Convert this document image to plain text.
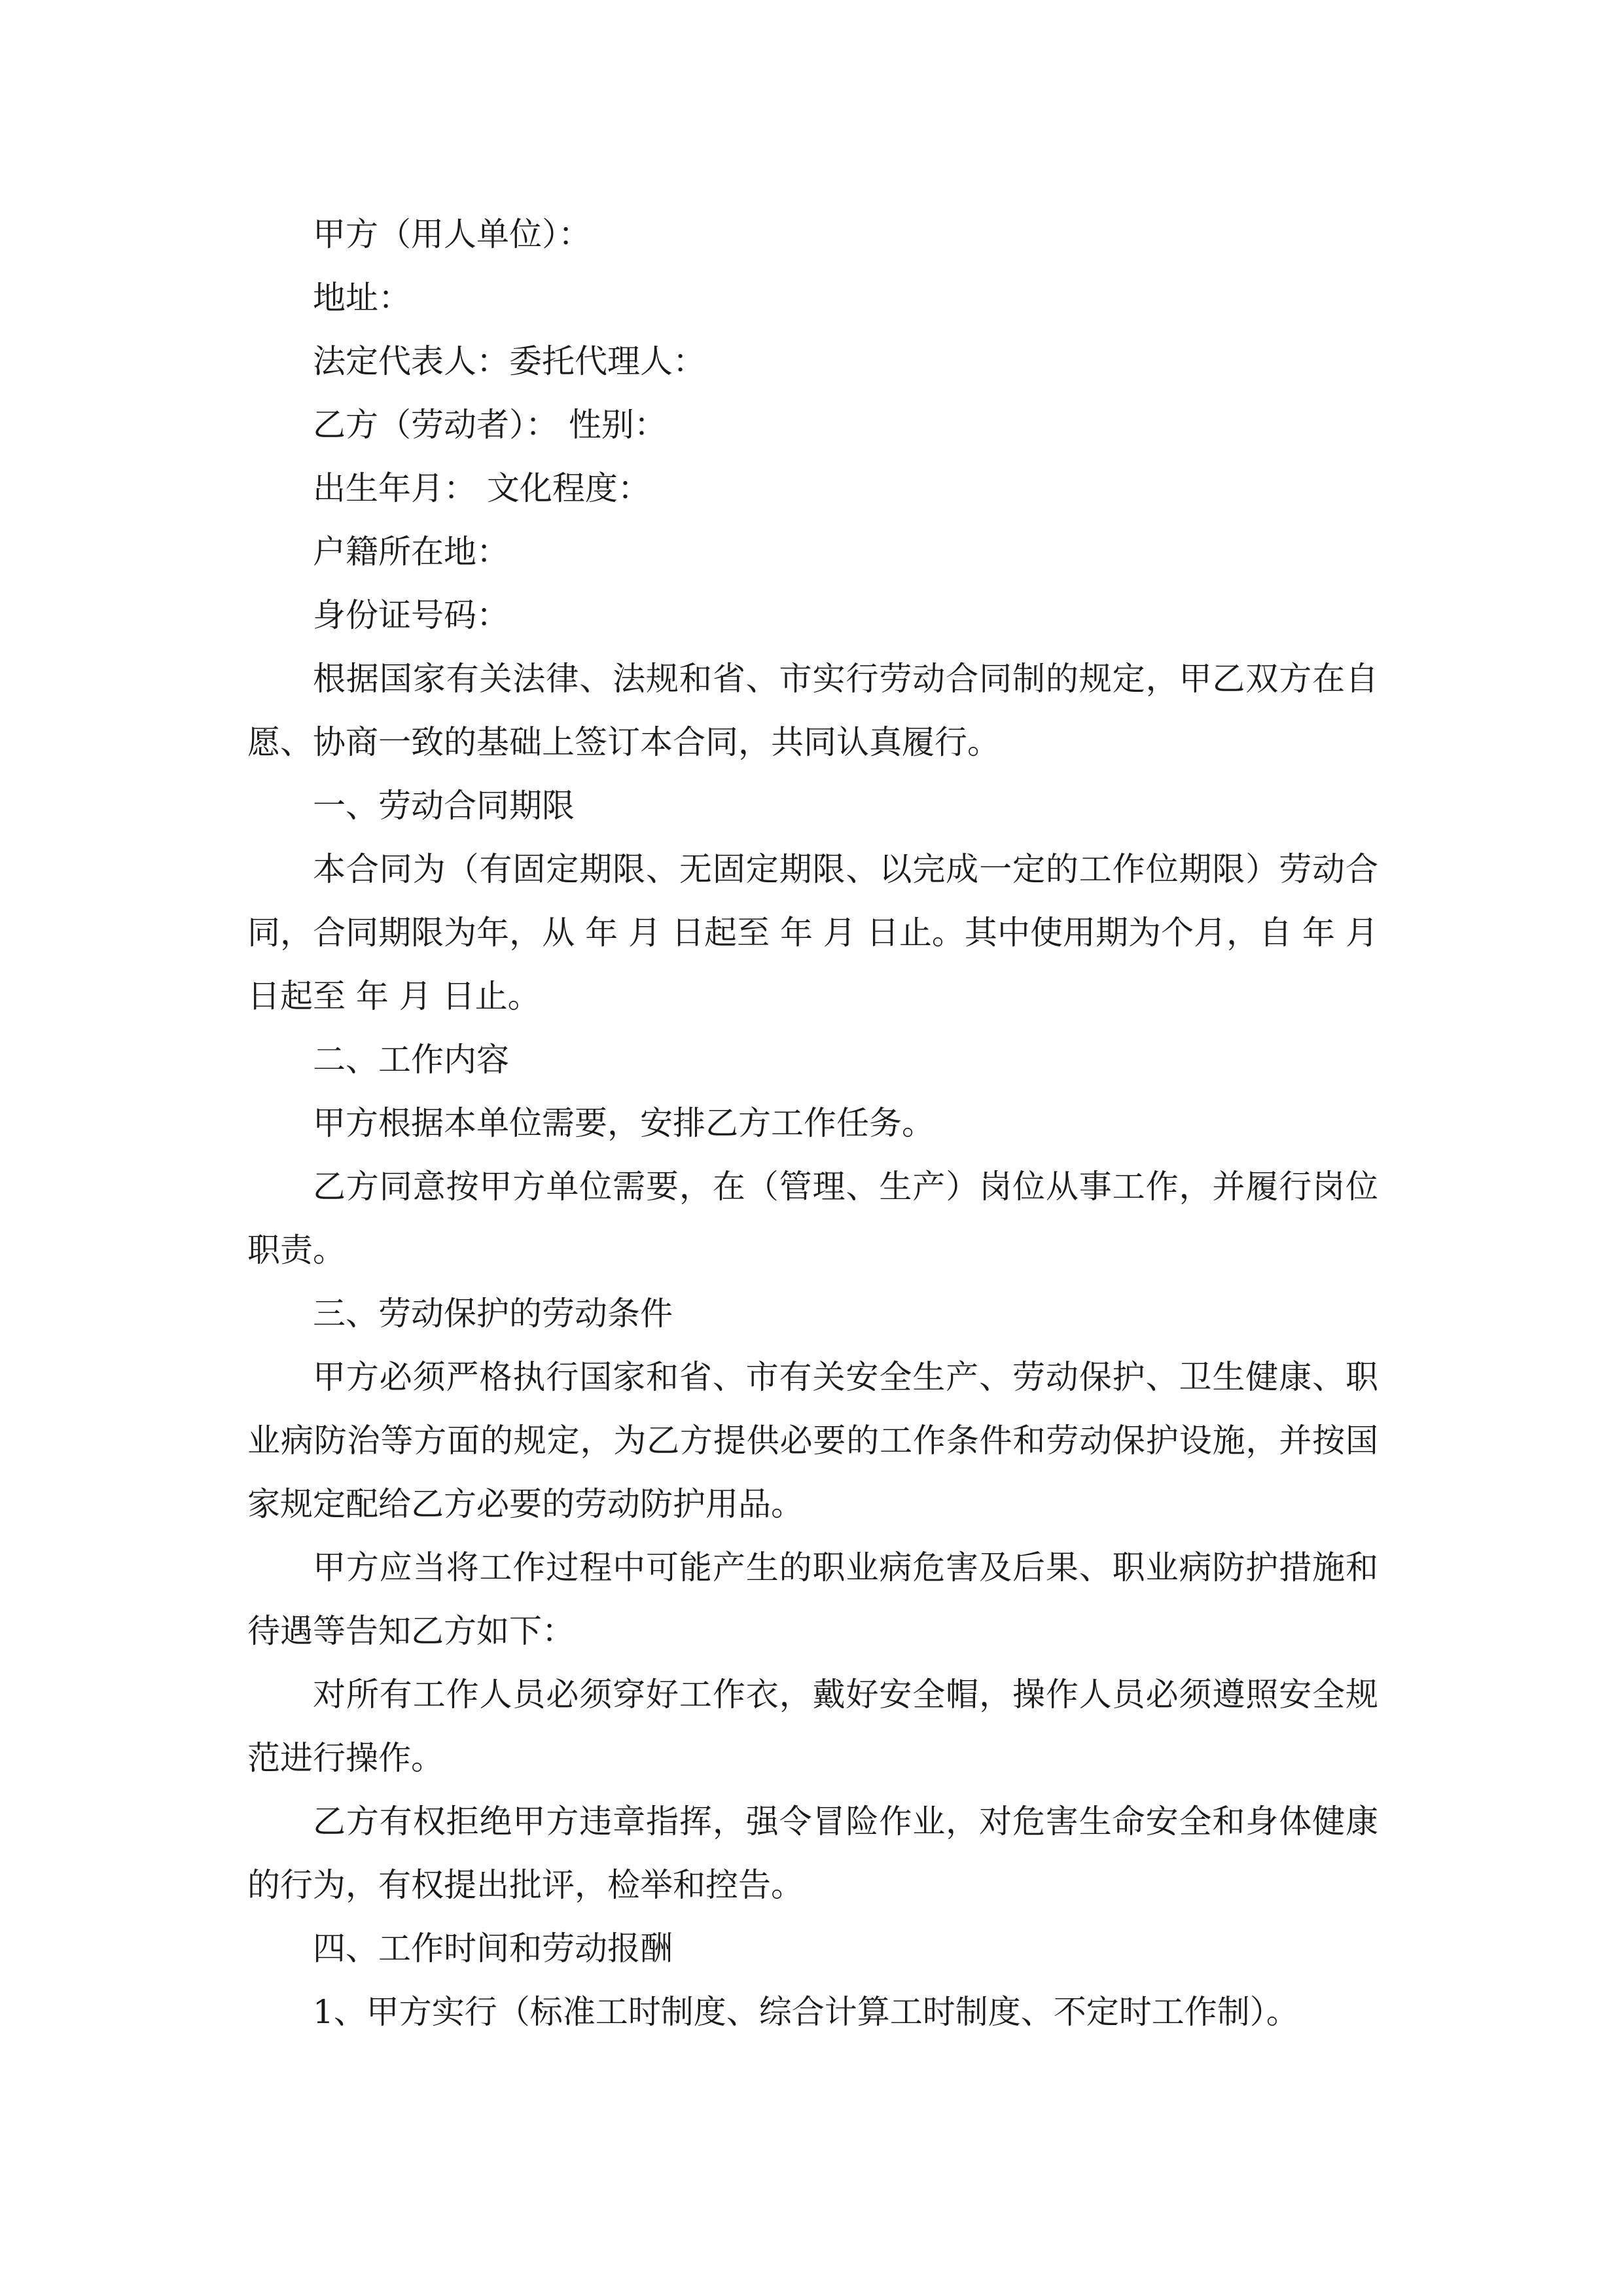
甲方（用人单位）：

地址：

法定代表人：委托代理人：

乙方（劳动者）： 性别：

出生年月： 文化程度：

户籍所在地：

身份证号码：

根据国家有关法律、法规和省、市实行劳动合同制的规定，甲乙双方在自愿、协商一致的基础上签订本合同，共同认真履行。

一、劳动合同期限

本合同为（有固定期限、无固定期限、以完成一定的工作位期限）劳动合同，合同期限为年，从 年 月 日起至 年 月 日止。其中使用期为个月，自 年 月 日起至 年 月 日止。

二、工作内容

甲方根据本单位需要，安排乙方工作任务。

乙方同意按甲方单位需要，在（管理、生产）岗位从事工作，并履行岗位职责。

三、劳动保护的劳动条件

甲方必须严格执行国家和省、市有关安全生产、劳动保护、卫生健康、职业病防治等方面的规定，为乙方提供必要的工作条件和劳动保护设施，并按国家规定配给乙方必要的劳动防护用品。

甲方应当将工作过程中可能产生的职业病危害及后果、职业病防护措施和待遇等告知乙方如下：

对所有工作人员必须穿好工作衣，戴好安全帽，操作人员必须遵照安全规范进行操作。

乙方有权拒绝甲方违章指挥，强令冒险作业，对危害生命安全和身体健康的行为，有权提出批评，检举和控告。

四、工作时间和劳动报酬

1、甲方实行（标准工时制度、综合计算工时制度、不定时工作制）。
